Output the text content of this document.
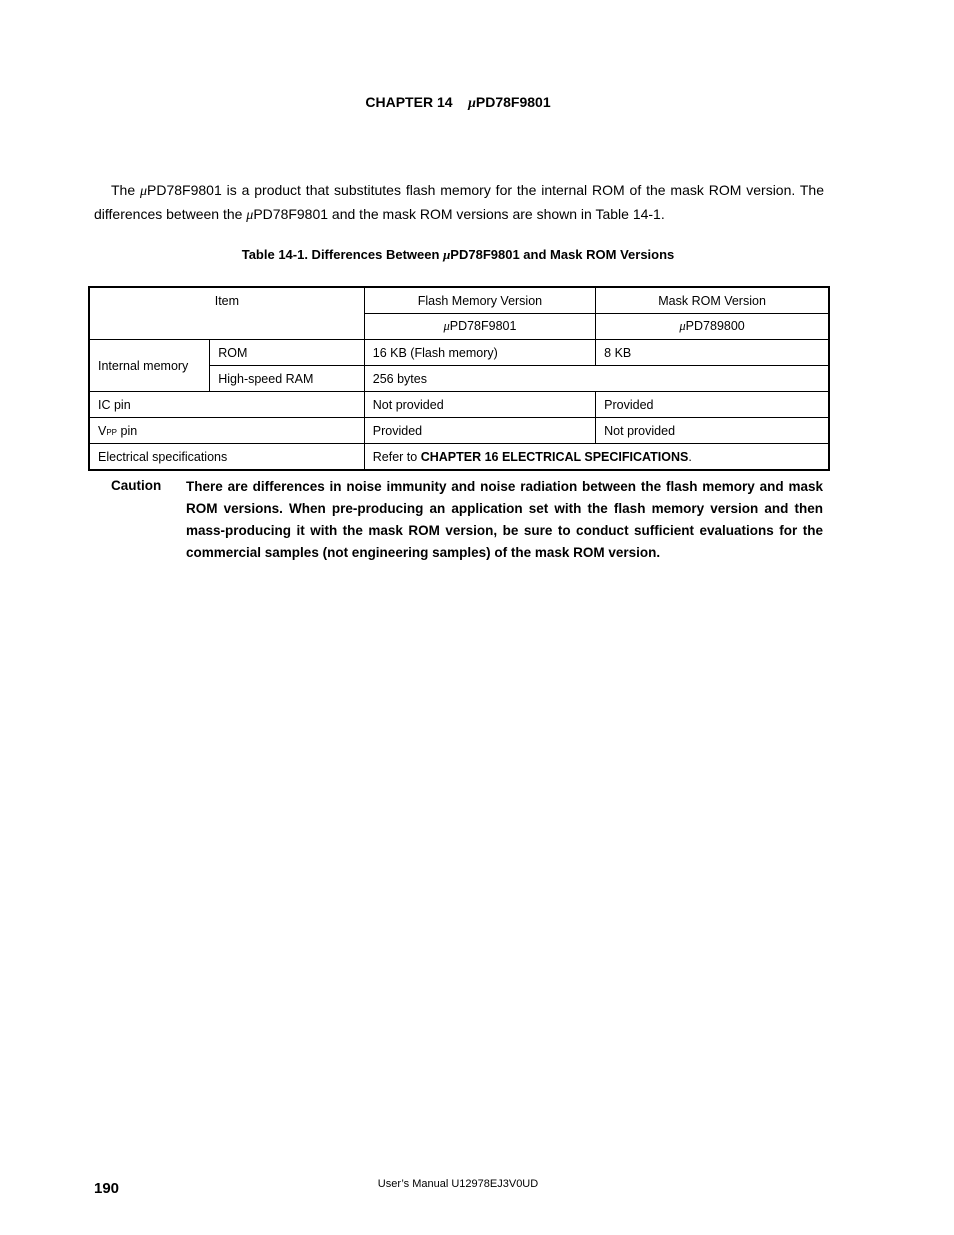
CHAPTER 14 μPD78F9801
The μPD78F9801 is a product that substitutes flash memory for the internal ROM of the mask ROM version. The differences between the μPD78F9801 and the mask ROM versions are shown in Table 14-1.
Table 14-1. Differences Between μPD78F9801 and Mask ROM Versions
Item		Flash Memory Version	Mask ROM Version
		μPD78F9801	μPD789800
Internal memory	ROM	16 KB (Flash memory)	8 KB
	High-speed RAM	256 bytes	
IC pin		Not provided	Provided
VPP pin		Provided	Not provided
Electrical specifications		Refer to CHAPTER 16 ELECTRICAL SPECIFICATIONS.	
Caution There are differences in noise immunity and noise radiation between the flash memory and mask ROM versions. When pre-producing an application set with the flash memory version and then mass-producing it with the mask ROM version, be sure to conduct sufficient evaluations for the commercial samples (not engineering samples) of the mask ROM version.
190	User’s Manual U12978EJ3V0UD
